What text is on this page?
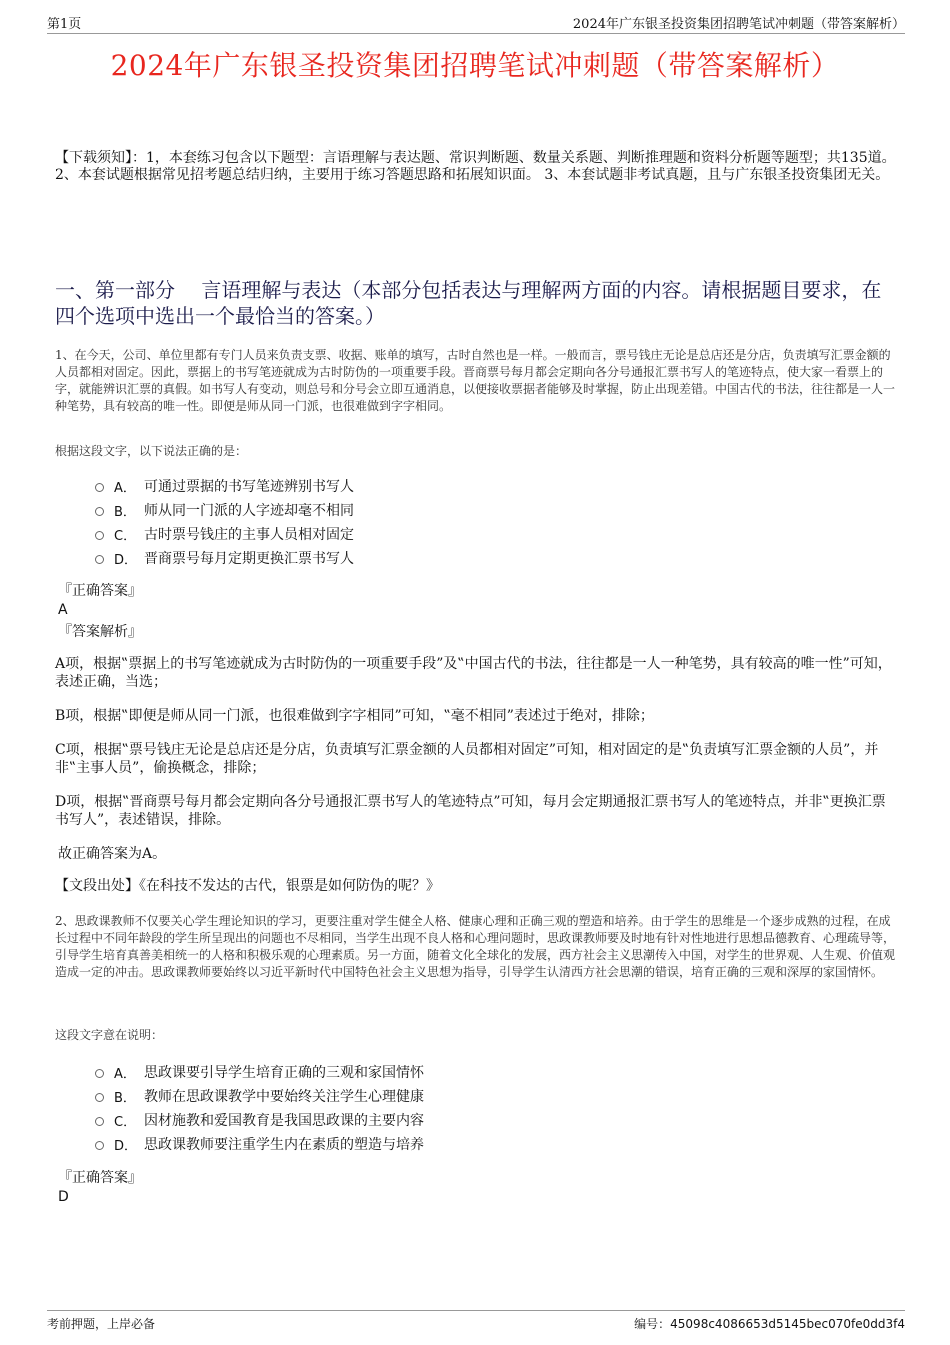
第1页	2024年广东银圣投资集团招聘笔试冲刺题（带答案解析）
2024年广东银圣投资集团招聘笔试冲刺题（带答案解析）
【下载须知】：1，本套练习包含以下题型：言语理解与表达题、常识判断题、数量关系题、判断推理题和资料分析题等题型；共135道。 2、本套试题根据常见招考题总结归纳，主要用于练习答题思路和拓展知识面。 3、本套试题非考试真题，且与广东银圣投资集团无关。
一、第一部分　 言语理解与表达（本部分包括表达与理解两方面的内容。请根据题目要求，在四个选项中选出一个最恰当的答案。）
1、在今天，公司、单位里都有专门人员来负责支票、收据、账单的填写，古时自然也是一样。一般而言，票号钱庄无论是总店还是分店，负责填写汇票金额的人员都相对固定。因此，票据上的书写笔迹就成为古时防伪的一项重要手段。晋商票号每月都会定期向各分号通报汇票书写人的笔迹特点，使大家一看票上的字，就能辨识汇票的真假。如书写人有变动，则总号和分号会立即互通消息，以便接收票据者能够及时掌握，防止出现差错。中国古代的书法，往往都是一人一种笔势，具有较高的唯一性。即便是师从同一门派，也很难做到字字相同。
根据这段文字，以下说法正确的是：
A． 可通过票据的书写笔迹辨别书写人
B． 师从同一门派的人字迹却毫不相同
C． 古时票号钱庄的主事人员相对固定
D． 晋商票号每月定期更换汇票书写人
『正确答案』
A
『答案解析』
A项，根据‟票据上的书写笔迹就成为古时防伪的一项重要手段”及‟中国古代的书法，往往都是一人一种笔势，具有较高的唯一性”可知，表述正确，当选；
B项，根据‟即便是师从同一门派，也很难做到字字相同”可知，‟毫不相同”表述过于绝对，排除；
C项，根据‟票号钱庄无论是总店还是分店，负责填写汇票金额的人员都相对固定”可知，相对固定的是‟负责填写汇票金额的人员”，并非‟主事人员”，偷换概念，排除；
D项，根据‟晋商票号每月都会定期向各分号通报汇票书写人的笔迹特点”可知，每月会定期通报汇票书写人的笔迹特点，并非‟更换汇票书写人”，表述错误，排除。
故正确答案为A。
【文段出处】《在科技不发达的古代，银票是如何防伪的呢？》
2、思政课教师不仅要关心学生理论知识的学习，更要注重对学生健全人格、健康心理和正确三观的塑造和培养。由于学生的思维是一个逐步成熟的过程，在成长过程中不同年龄段的学生所呈现出的问题也不尽相同，当学生出现不良人格和心理问题时，思政课教师要及时地有针对性地进行思想品德教育、心理疏导等，引导学生培育真善美相统一的人格和积极乐观的心理素质。另一方面，随着文化全球化的发展，西方社会主义思潮传入中国，对学生的世界观、人生观、价值观造成一定的冲击。思政课教师要始终以习近平新时代中国特色社会主义思想为指导，引导学生认清西方社会思潮的错误，培育正确的三观和深厚的家国情怀。
这段文字意在说明：
A． 思政课要引导学生培育正确的三观和家国情怀
B． 教师在思政课教学中要始终关注学生心理健康
C． 因材施教和爱国教育是我国思政课的主要内容
D． 思政课教师要注重学生内在素质的塑造与培养
『正确答案』
D
考前押题，上岸必备	编号：45098c4086653d5145bec070fe0dd3f4
